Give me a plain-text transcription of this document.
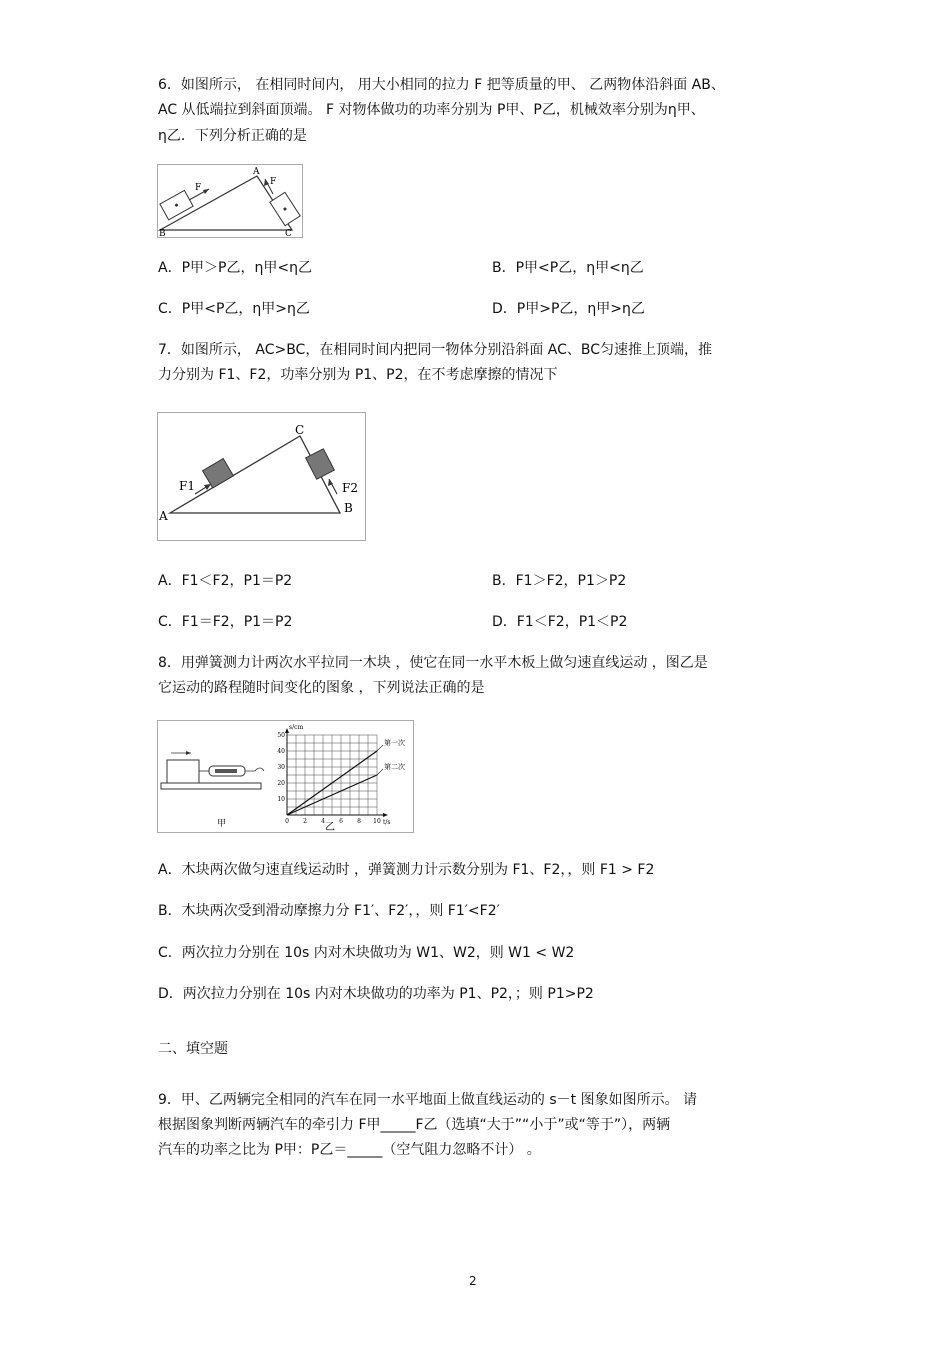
6．如图所示， 在相同时间内， 用大小相同的拉力 F 把等质量的甲、 乙两物体沿斜面 AB、
AC 从低端拉到斜面顶端。 F 对物体做功的功率分别为 P甲、P乙，机械效率分别为η甲、
η乙．下列分析正确的是
F
F
A
B	C
A．P甲＞P乙，η甲<η乙	B．P甲<P乙，η甲<η乙
C．P甲<P乙，η甲>η乙	D．P甲>P乙，η甲>η乙
7．如图所示， AC>BC，在相同时间内把同一物体分别沿斜面 AC、BC匀速推上顶端，推
力分别为 F1、F2，功率分别为 P1、P2，在不考虑摩擦的情况下
F1	F2
C
A
B
A．F1＜F2，P1＝P2	B．F1＞F2，P1＞P2
C．F1＝F2，P1＝P2	D．F1＜F2，P1＜P2
8．用弹簧测力计两次水平拉同一木块 ，使它在同一水平木板上做匀速直线运动 ，图乙是
它运动的路程随时间变化的图象 ，下列说法正确的是
甲
10
20
30
40
50
0 2 4 6 8 10
第一次
第二次
s/cm
t/s
乙
A．木块两次做匀速直线运动时 ，弹簧测力计示数分别为 F1、F2，，则 F1 > F2
B．木块两次受到滑动摩擦力分 F1′、F2′，，则 F1′<F2′
C．两次拉力分别在 10s 内对木块做功为 W1、W2，则 W1 < W2
D．两次拉力分别在 10s 内对木块做功的功率为 P1、P2，；则 P1>P2
二、填空题
9．甲、乙两辆完全相同的汽车在同一水平地面上做直线运动的 s－t 图象如图所示。 请
根据图象判断两辆汽车的牵引力 F甲_____F乙（选填“大于”“小于”或“等于”），两辆
汽车的功率之比为 P甲：P乙＝_____（空气阻力忽略不计） 。
2
